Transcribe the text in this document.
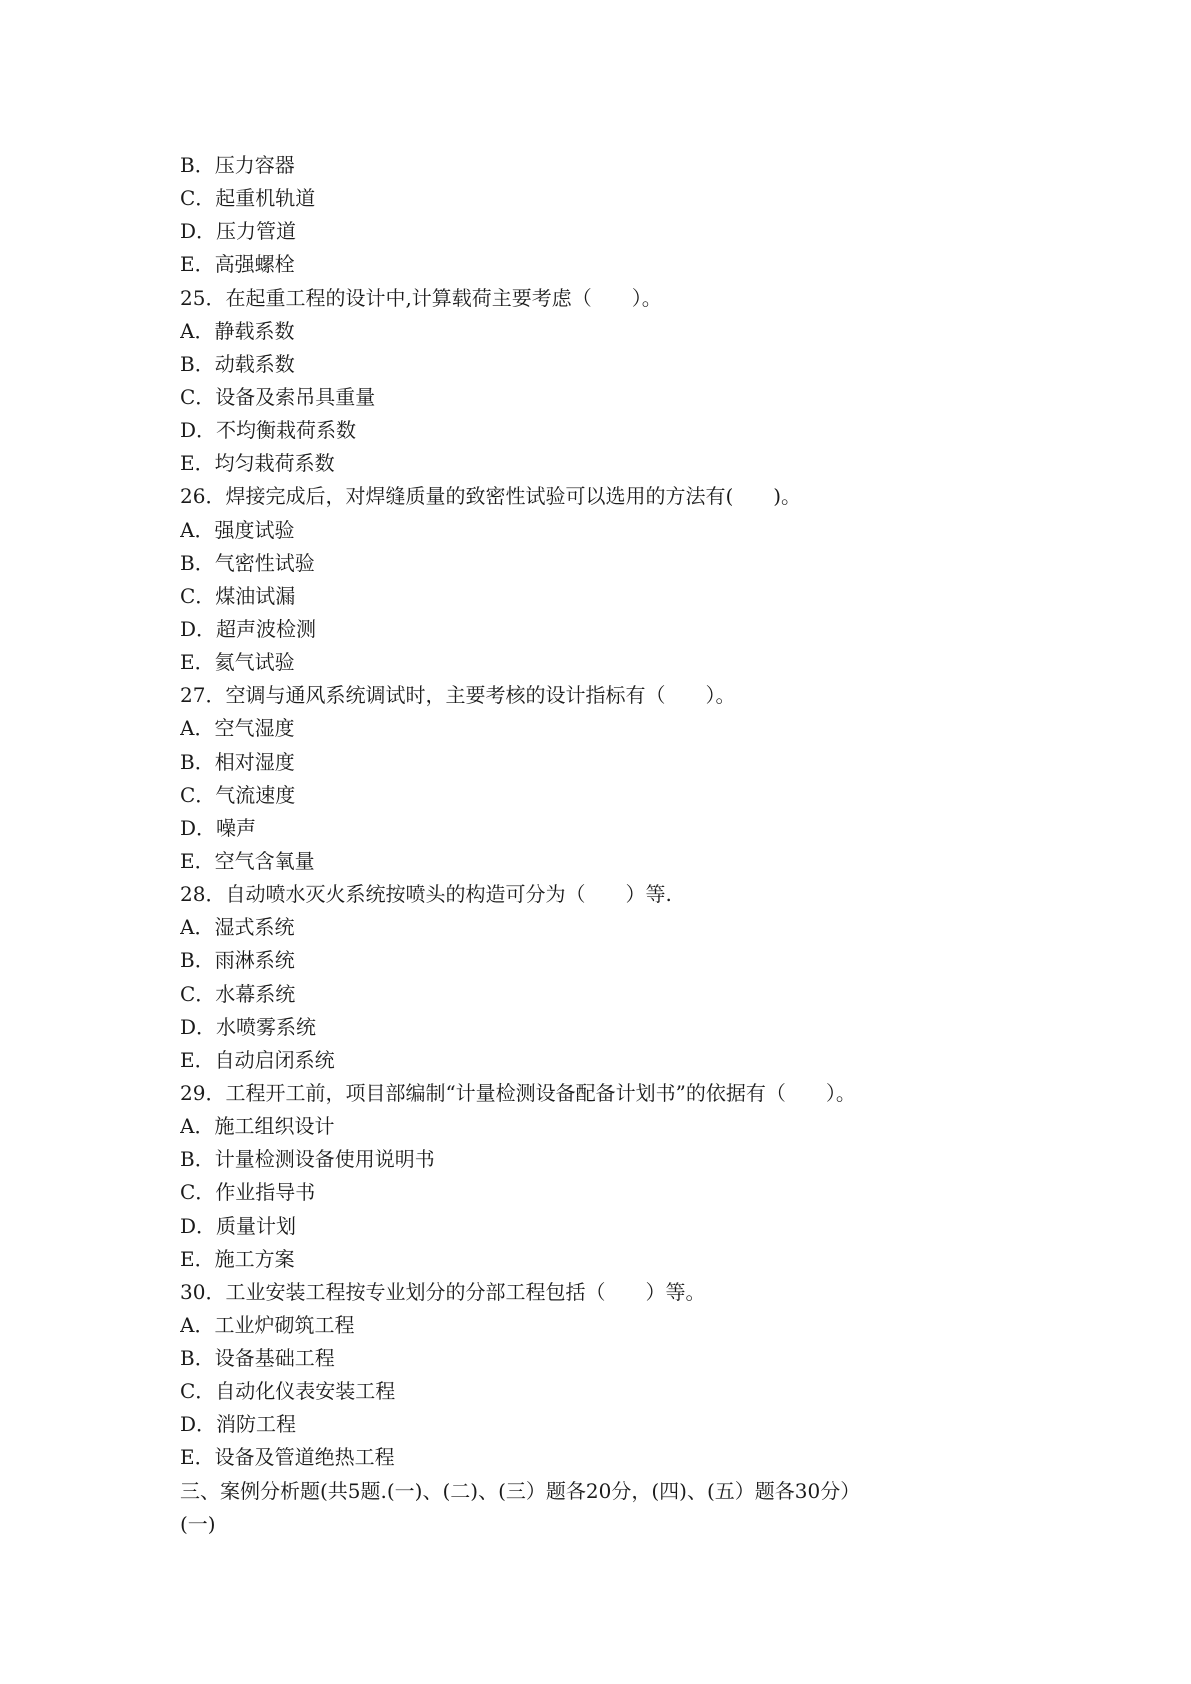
B．压力容器
C．起重机轨道
D．压力管道
E．高强螺栓
25．在起重工程的设计中,计算载荷主要考虑（　　）。
A．静载系数
B．动载系数
C．设备及索吊具重量
D．不均衡栽荷系数
E．均匀栽荷系数
26．焊接完成后，对焊缝质量的致密性试验可以选用的方法有(　　)。
A．强度试验
B．气密性试验
C．煤油试漏
D．超声波检测
E．氦气试验
27．空调与通风系统调试时，主要考核的设计指标有（　　）。
A．空气湿度
B．相对湿度
C．气流速度
D．噪声
E．空气含氧量
28．自动喷水灭火系统按喷头的构造可分为（　　）等.
A．湿式系统
B．雨淋系统
C．水幕系统
D．水喷雾系统
E．自动启闭系统
29．工程开工前，项目部编制“计量检测设备配备计划书”的依据有（　　）。
A．施工组织设计
B．计量检测设备使用说明书
C．作业指导书
D．质量计划
E．施工方案
30．工业安装工程按专业划分的分部工程包括（　　）等。
A．工业炉砌筑工程
B．设备基础工程
C．自动化仪表安装工程
D．消防工程
E．设备及管道绝热工程
三、案例分析题(共5题.(一)、(二)、(三）题各20分，(四)、(五）题各30分）
(一)
